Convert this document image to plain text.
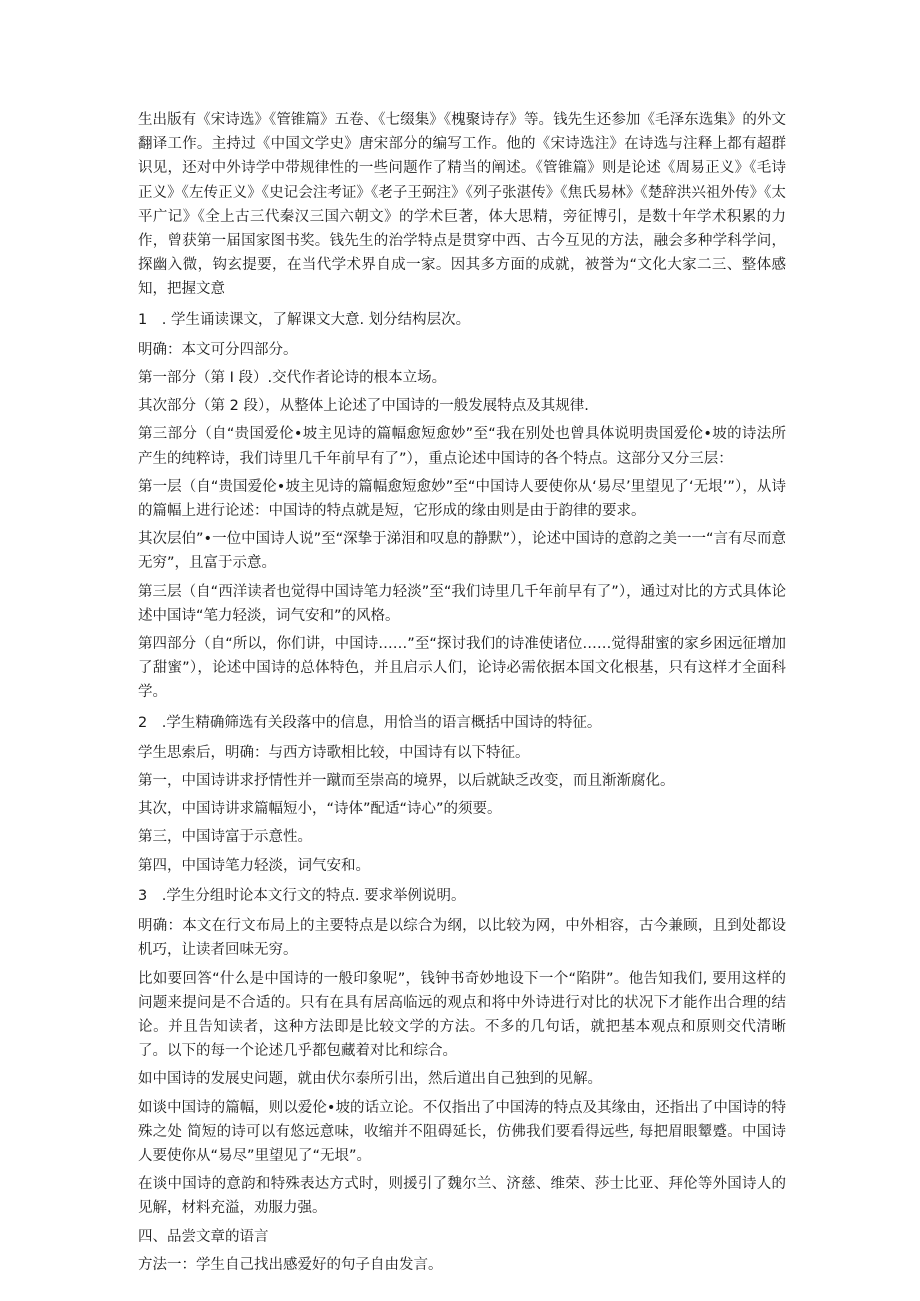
生出版有《宋诗选》《管锥篇》五卷、《七缀集》《槐聚诗存》等。钱先生还参加《毛泽东选集》的外文翻译工作。主持过《中国文学史》唐宋部分的编写工作。他的《宋诗选注》在诗选与注释上都有超群识见，还对中外诗学中带规律性的一些问题作了精当的阐述。《管锥篇》则是论述《周易正义》《毛诗正义》《左传正义》《史记会注考证》《老子王弼注》《列子张湛传》《焦氏易林》《楚辞洪兴祖外传》《太平广记》《全上古三代秦汉三国六朝文》的学术巨著，体大思精，旁征博引，是数十年学术积累的力作，曾获第一届国家图书奖。钱先生的治学特点是贯穿中西、古今互见的方法，融会多种学科学问，探幽入微，钩玄提要，在当代学术界自成一家。因其多方面的成就，被誉为“文化大家二三、整体感知，把握文意

1　. 学生诵读课文，了解课文大意. 划分结构层次。

明确：本文可分四部分。

第一部分（第 I 段）.交代作者论诗的根本立场。

其次部分（第 2 段），从整体上论述了中国诗的一般发展特点及其规律.

第三部分（自“贵国爱伦•坡主见诗的篇幅愈短愈妙”至“我在别处也曾具体说明贵国爱伦•坡的诗法所产生的纯粹诗，我们诗里几千年前早有了”），重点论述中国诗的各个特点。这部分又分三层：

第一层（自“贵国爱伦•坡主见诗的篇幅愈短愈妙”至“中国诗人要使你从‘易尽’里望见了‘无垠’”），从诗的篇幅上进行论述：中国诗的特点就是短，它形成的缘由则是由于韵律的要求。

其次层伯”•一位中国诗人说”至“深挚于涕泪和叹息的静默”），论述中国诗的意韵之美一一“言有尽而意无穷”，且富于示意。

第三层（自“西洋读者也觉得中国诗笔力轻淡”至“我们诗里几千年前早有了”），通过对比的方式具体论述中国诗“笔力轻淡，词气安和”的风格。

第四部分（自“所以，你们讲，中国诗……”至“探讨我们的诗准使诸位……觉得甜蜜的家乡困远征增加了甜蜜”），论述中国诗的总体特色，并且启示人们，论诗必需依据本国文化根基，只有这样才全面科学。

2　.学生精确筛选有关段落中的信息，用恰当的语言概括中国诗的特征。

学生思索后，明确：与西方诗歌相比较，中国诗有以下特征。

第一，中国诗讲求抒情性并一蹴而至崇高的境界，以后就缺乏改变，而且渐渐腐化。

其次，中国诗讲求篇幅短小，“诗体”配适“诗心”的须要。

第三，中国诗富于示意性。

第四，中国诗笔力轻淡，词气安和。

3　.学生分组时论本文行文的特点. 要求举例说明。

明确：本文在行文布局上的主要特点是以综合为纲，以比较为网，中外相容，古今兼顾，且到处都设机巧，让读者回味无穷。

比如要回答“什么是中国诗的一般印象呢”，钱钟书奇妙地设下一个“陷阱”。他告知我们, 要用这样的问题来提问是不合适的。只有在具有居高临远的观点和将中外诗进行对比的状况下才能作出合理的结论。并且告知读者，这种方法即是比较文学的方法。不多的几句话，就把基本观点和原则交代清晰了。以下的每一个论述几乎都包藏着对比和综合。

如中国诗的发展史问题，就由伏尔泰所引出，然后道出自己独到的见解。

如谈中国诗的篇幅，则以爱伦•坡的话立论。不仅指出了中国涛的特点及其缘由，还指出了中国诗的特殊之处 简短的诗可以有悠远意味，收缩并不阻碍延长，仿佛我们要看得远些, 每把眉眼颦蹙。中国诗人要使你从“易尽”里望见了“无垠”。

在谈中国诗的意韵和特殊表达方式时，则援引了魏尔兰、济慈、维荣、莎士比亚、拜伦等外国诗人的见解，材料充溢，劝服力强。

四、品尝文章的语言

方法一：学生自己找出感爱好的句子自由发言。
